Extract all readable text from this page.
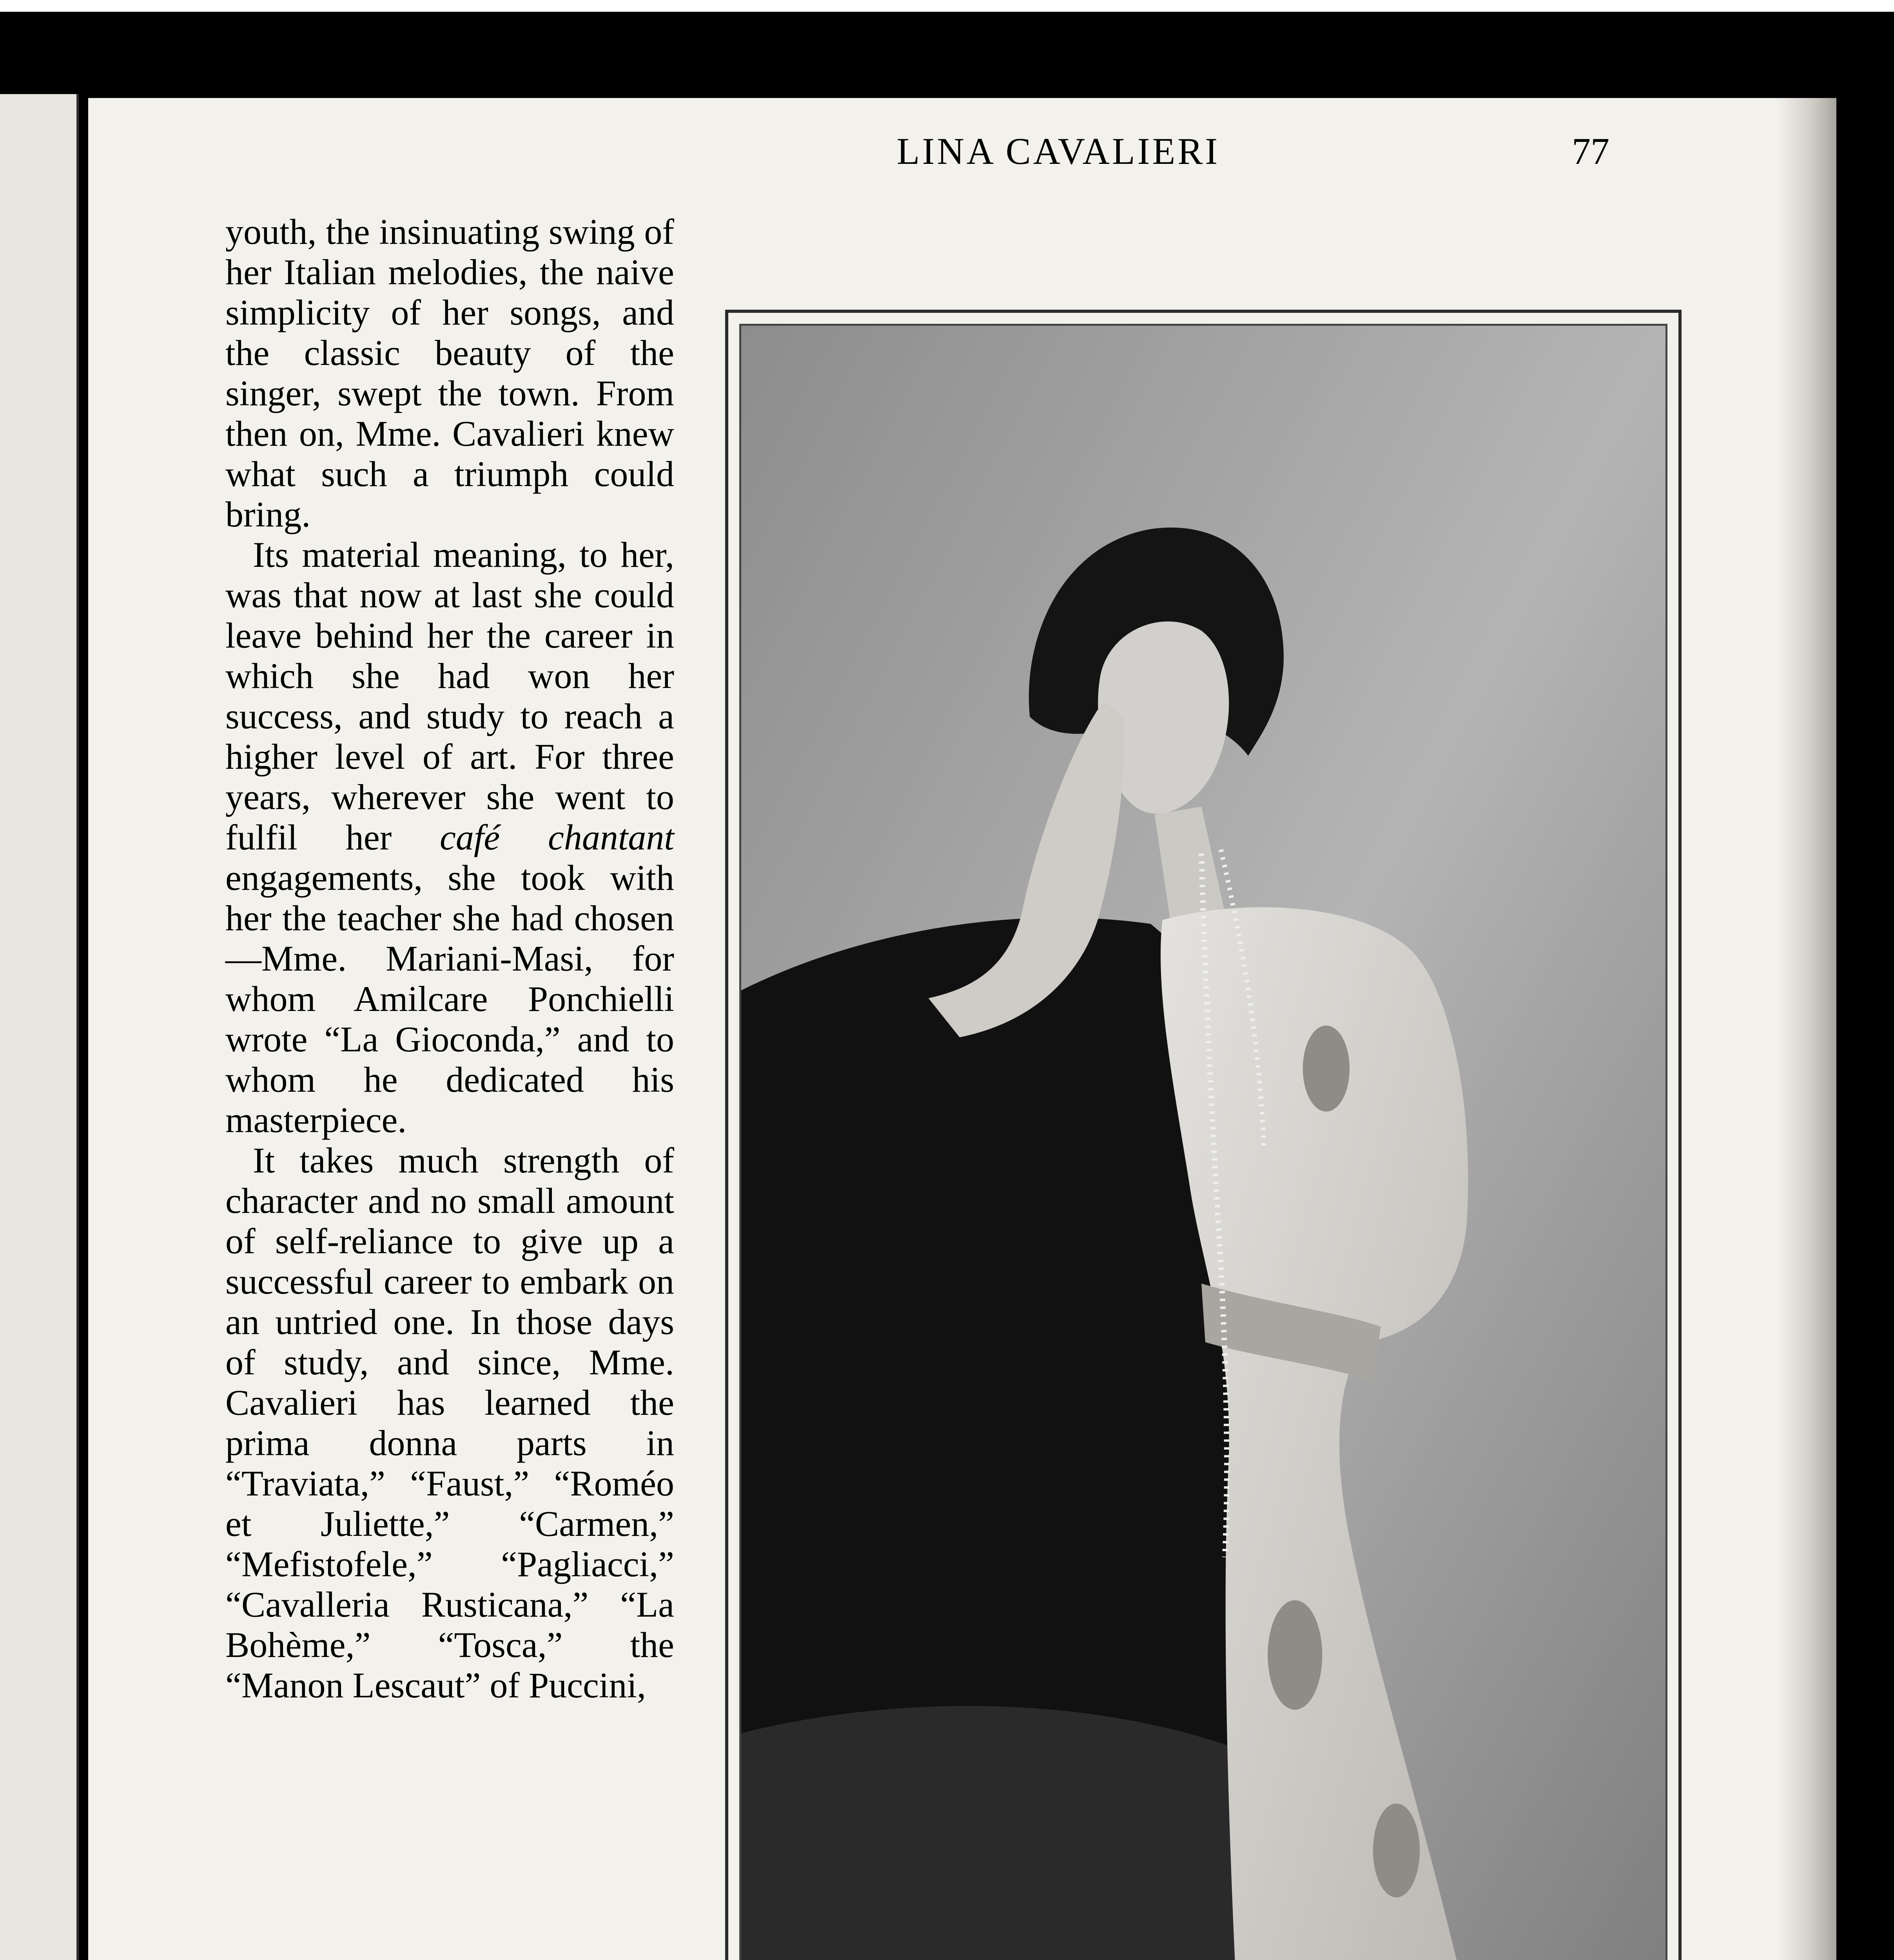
LINA CAVALIERI	77

youth, the insinuating swing of her Italian melodies, the naive simplicity of her songs, and the classic beauty of the singer, swept the town. From then on, Mme. Cavalieri knew what such a triumph could bring.

Its material meaning, to her, was that now at last she could leave behind her the career in which she had won her success, and study to reach a higher level of art. For three years, wherever she went to fulfil her café chantant engagements, she took with her the teacher she had chosen—Mme. Mariani-Masi, for whom Amilcare Ponchielli wrote “La Gioconda,” and to whom he dedicated his masterpiece.

It takes much strength of character and no small amount of self-reliance to give up a successful career to embark on an untried one. In those days of study, and since, Mme. Cavalieri has learned the prima donna parts in “Traviata,” “Faust,” “Roméo et Juliette,” “Carmen,” “Mefistofele,” “Pagliacci,” “Cavalleria Rusticana,” “La Bohème,” “Tosca,” the “Manon Lescaut” of Puccini,
